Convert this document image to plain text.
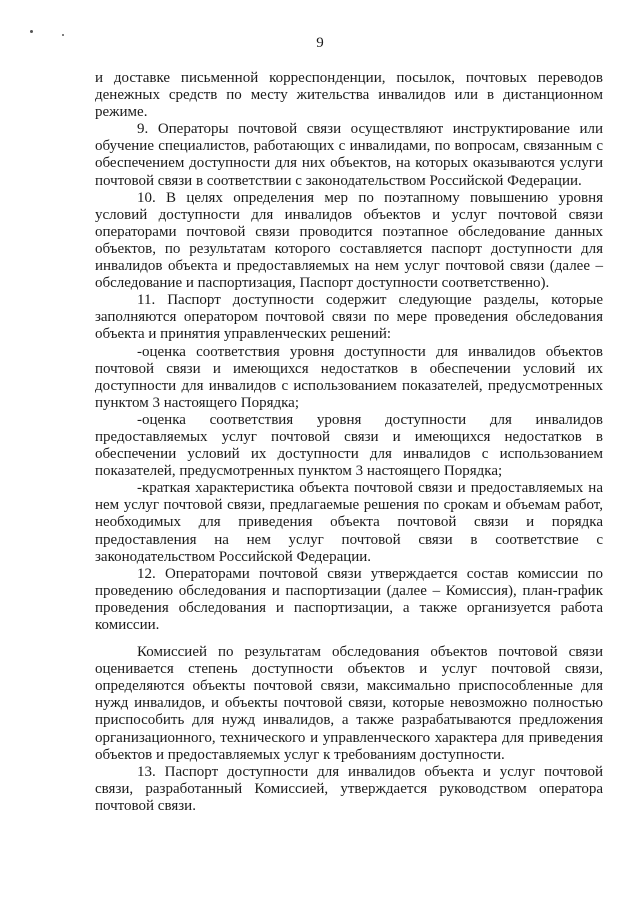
9

и доставке письменной корреспонденции, посылок, почтовых переводов денежных средств по месту жительства инвалидов или в дистанционном режиме.

9. Операторы почтовой связи осуществляют инструктирование или обучение специалистов, работающих с инвалидами, по вопросам, связанным с обеспечением доступности для них объектов, на которых оказываются услуги почтовой связи в соответствии с законодательством Российской Федерации.

10. В целях определения мер по поэтапному повышению уровня условий доступности для инвалидов объектов и услуг почтовой связи операторами почтовой связи проводится поэтапное обследование данных объектов, по результатам которого составляется паспорт доступности для инвалидов объекта и предоставляемых на нем услуг почтовой связи (далее – обследование и паспортизация, Паспорт доступности соответственно).

11. Паспорт доступности содержит следующие разделы, которые заполняются оператором почтовой связи по мере проведения обследования объекта и принятия управленческих решений:

-оценка соответствия уровня доступности для инвалидов объектов почтовой связи и имеющихся недостатков в обеспечении условий их доступности для инвалидов с использованием показателей, предусмотренных пунктом 3 настоящего Порядка;

-оценка соответствия уровня доступности для инвалидов предоставляемых услуг почтовой связи и имеющихся недостатков в обеспечении условий их доступности для инвалидов с использованием показателей, предусмотренных пунктом 3 настоящего Порядка;

-краткая характеристика объекта почтовой связи и предоставляемых на нем услуг почтовой связи, предлагаемые решения по срокам и объемам работ, необходимых для приведения объекта почтовой связи и порядка предоставления на нем услуг почтовой связи в соответствие с законодательством Российской Федерации.

12. Операторами почтовой связи утверждается состав комиссии по проведению обследования и паспортизации (далее – Комиссия), план-график проведения обследования и паспортизации, а также организуется работа комиссии.

Комиссией по результатам обследования объектов почтовой связи оценивается степень доступности объектов и услуг почтовой связи, определяются объекты почтовой связи, максимально приспособленные для нужд инвалидов, и объекты почтовой связи, которые невозможно полностью приспособить для нужд инвалидов, а также разрабатываются предложения организационного, технического и управленческого характера для приведения объектов и предоставляемых услуг к требованиям доступности.

13. Паспорт доступности для инвалидов объекта и услуг почтовой связи, разработанный Комиссией, утверждается руководством оператора почтовой связи.
